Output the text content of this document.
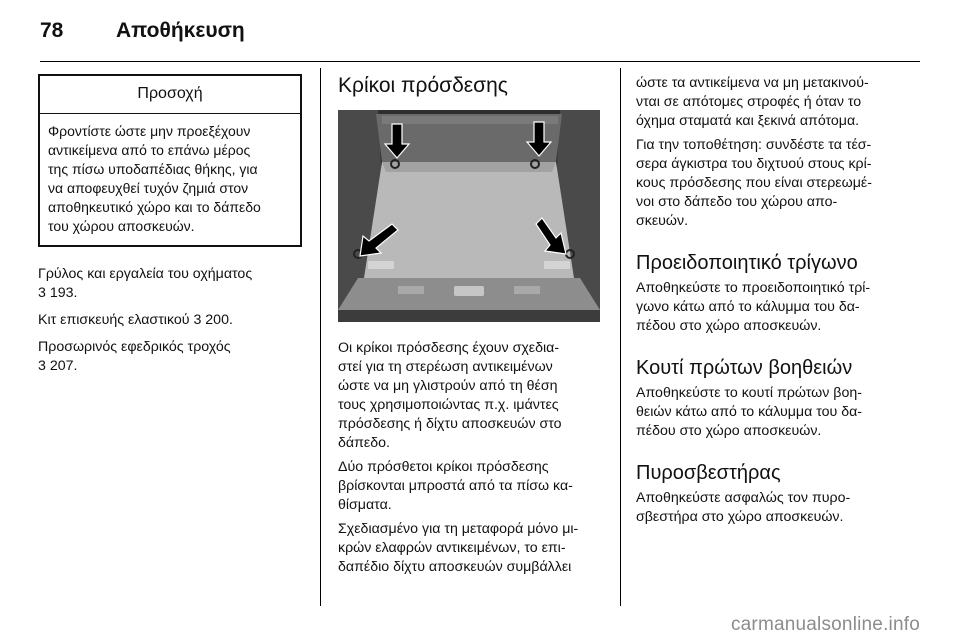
78	Αποθήκευση
Προσοχή

Φροντίστε ώστε μην προεξέχουν

αντικείμενα από το επάνω μέρος

της πίσω υποδαπέδιας θήκης, για

να αποφευχθεί τυχόν ζημιά στον

αποθηκευτικό χώρο και το δάπεδο

του χώρου αποσκευών.

Γρύλος και εργαλεία του οχήματος

3 193.

Κιτ επισκευής ελαστικού 3 200.

Προσωρινός εφεδρικός τροχός

3 207.

Κρίκοι πρόσδεσης

Οι κρίκοι πρόσδεσης έχουν σχεδια-

στεί για τη στερέωση αντικειμένων

ώστε να μη γλιστρούν από τη θέση

τους χρησιμοποιώντας π.χ. ιμάντες

πρόσδεσης ή δίχτυ αποσκευών στο

δάπεδο.

Δύο πρόσθετοι κρίκοι πρόσδεσης

βρίσκονται μπροστά από τα πίσω κα-

θίσματα.

Σχεδιασμένο για τη μεταφορά μόνο μι-

κρών ελαφρών αντικειμένων, το επι-

δαπέδιο δίχτυ αποσκευών συμβάλλει

ώστε τα αντικείμενα να μη μετακινού-

νται σε απότομες στροφές ή όταν το

όχημα σταματά και ξεκινά απότομα.

Για την τοποθέτηση: συνδέστε τα τέσ-

σερα άγκιστρα του διχτυού στους κρί-

κους πρόσδεσης που είναι στερεωμέ-

νοι στο δάπεδο του χώρου απο-

σκευών.

Προειδοποιητικό τρίγωνο

Αποθηκεύστε το προειδοποιητικό τρί-

γωνο κάτω από το κάλυμμα του δα-

πέδου στο χώρο αποσκευών.

Κουτί πρώτων βοηθειών

Αποθηκεύστε το κουτί πρώτων βοη-

θειών κάτω από το κάλυμμα του δα-

πέδου στο χώρο αποσκευών.

Πυροσβεστήρας

Αποθηκεύστε ασφαλώς τον πυρο-

σβεστήρα στο χώρο αποσκευών.

carmanualsonline.info
